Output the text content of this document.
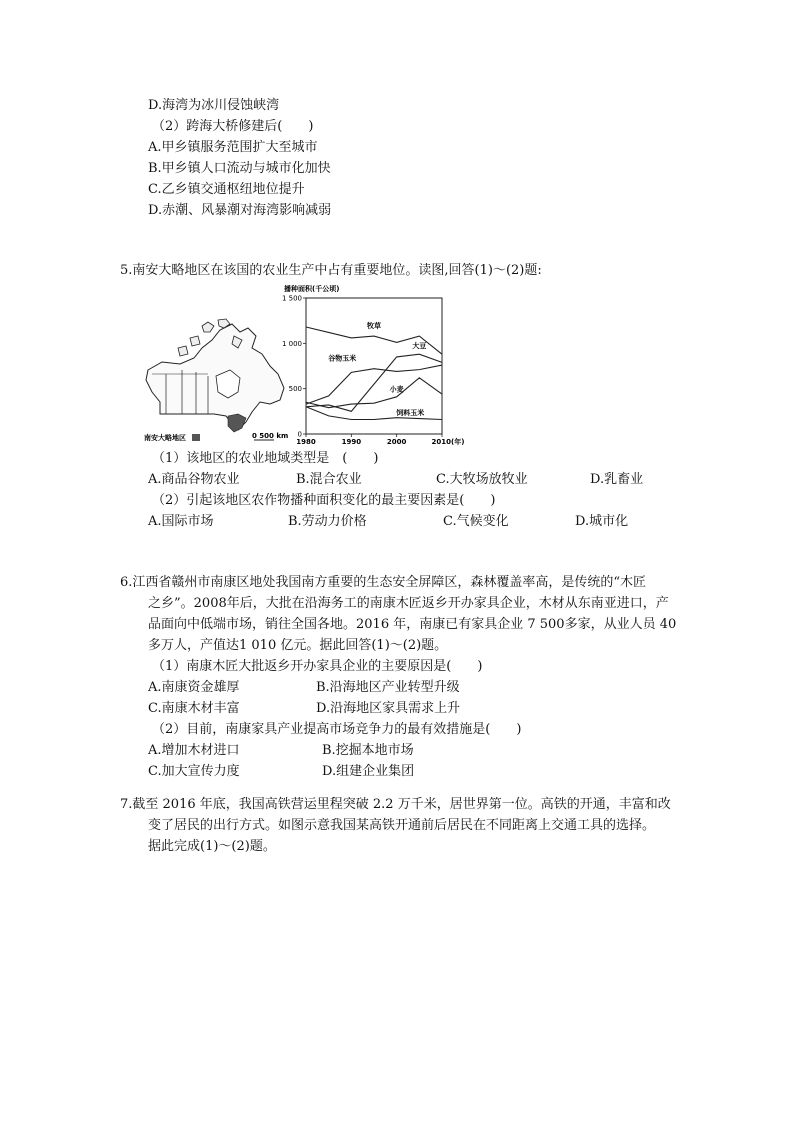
D.海湾为冰川侵蚀峡湾
（2）跨海大桥修建后(　　)
A.甲乡镇服务范围扩大至城市
B.甲乡镇人口流动与城市化加快
C.乙乡镇交通枢纽地位提升
D.赤潮、风暴潮对海湾影响减弱
5.南安大略地区在该国的农业生产中占有重要地位。读图,回答(1)～(2)题:
南安大略地区	0 500 km
播种面积(千公顷)
0
500
1 000
1 500
1980	1990	2000	2010(年)
牧草
大豆
谷物玉米
小麦
饲料玉米
（1）该地区的农业地域类型是　(　　)
A.商品谷物农业	B.混合农业	C.大牧场放牧业	D.乳畜业
（2）引起该地区农作物播种面积变化的最主要因素是(　　)
A.国际市场	B.劳动力价格	C.气候变化	D.城市化
6.江西省赣州市南康区地处我国南方重要的生态安全屏障区，森林覆盖率高，是传统的“木匠
之乡”。2008年后，大批在沿海务工的南康木匠返乡开办家具企业，木材从东南亚进口，产
品面向中低端市场，销往全国各地。2016 年，南康已有家具企业 7 500多家，从业人员 40
多万人，产值达1 010 亿元。据此回答(1)～(2)题。
（1）南康木匠大批返乡开办家具企业的主要原因是(　　)
A.南康资金雄厚	B.沿海地区产业转型升级
C.南康木材丰富	D.沿海地区家具需求上升
（2）目前，南康家具产业提高市场竞争力的最有效措施是(　　)
A.增加木材进口	B.挖掘本地市场
C.加大宣传力度	D.组建企业集团
7.截至 2016 年底，我国高铁营运里程突破 2.2 万千米，居世界第一位。高铁的开通，丰富和改
变了居民的出行方式。如图示意我国某高铁开通前后居民在不同距离上交通工具的选择。
据此完成(1)～(2)题。
